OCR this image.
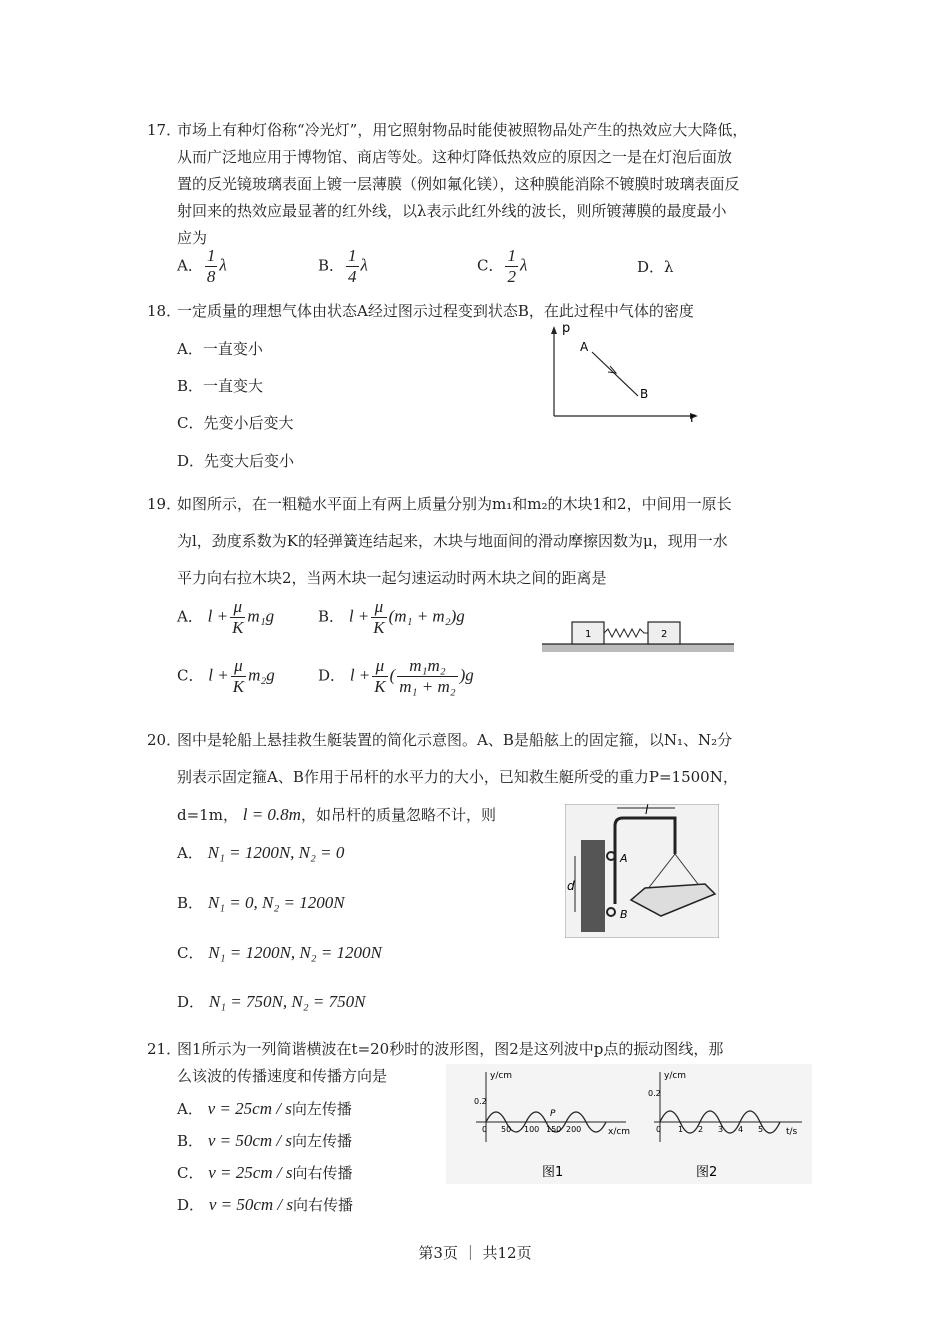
17．市场上有种灯俗称“冷光灯”，用它照射物品时能使被照物品处产生的热效应大大降低，
从而广泛地应用于博物馆、商店等处。这种灯降低热效应的原因之一是在灯泡后面放
置的反光镜玻璃表面上镀一层薄膜（例如氟化镁），这种膜能消除不镀膜时玻璃表面反
射回来的热效应最显著的红外线，以λ表示此红外线的波长，则所镀薄膜的最度最小
应为
A． $\frac{1}{8}$ λ	B． $\frac{1}{4}$ λ	C． $\frac{1}{2}$ λ	D．λ
18．一定质量的理想气体由状态A经过图示过程变到状态B，在此过程中气体的密度
A．一直变小
B．一直变大
C．先变小后变大
D．先变大后变小
p
r
A
B
19．如图所示，在一粗糙水平面上有两上质量分别为m₁和m₂的木块1和2，中间用一原长
为l，劲度系数为K的轻弹簧连结起来，木块与地面间的滑动摩擦因数为μ，现用一水
平力向右拉木块2，当两木块一起匀速运动时两木块之间的距离是
A． $l + \frac{\mu}{K} m_1g$	B． $l + \frac{\mu}{K} (m_1 + m_2)g$
C． $l + \frac{\mu}{K} m_2g$	D． $l + \frac{\mu}{K}$ ( $\frac{\text{m₁m₂}}{\text{m₁ + m₂}} )g$
1	2
20．图中是轮船上悬挂救生艇装置的简化示意图。A、B是船舷上的固定箍，以N₁、N₂分
别表示固定箍A、B作用于吊杆的水平力的大小，已知救生艇所受的重力P=1500N，
d=1m， l = 0.8m，如吊杆的质量忽略不计，则
A． N₁ = 1200N, N₂ = 0
B． N₁ = 0, N₂ = 1200N
C． N₁ = 1200N, N₂ = 1200N
D． N₁ = 750N, N₂ = 750N
l
d
A
B
21．图1所示为一列简谐横波在t=20秒时的波形图，图2是这列波中p点的振动图线，那
么该波的传播速度和传播方向是
A． v = 25cm / s向左传播
B． v = 50cm / s向左传播
C． v = 25cm / s向右传播
D． v = 50cm / s向右传播
y/cm
x/cm
0.2
0 50 100 150 200
P
图1
y/cm
t/s
0.2
0 1 2 3 4 5
图2
第3页 ｜ 共12页
